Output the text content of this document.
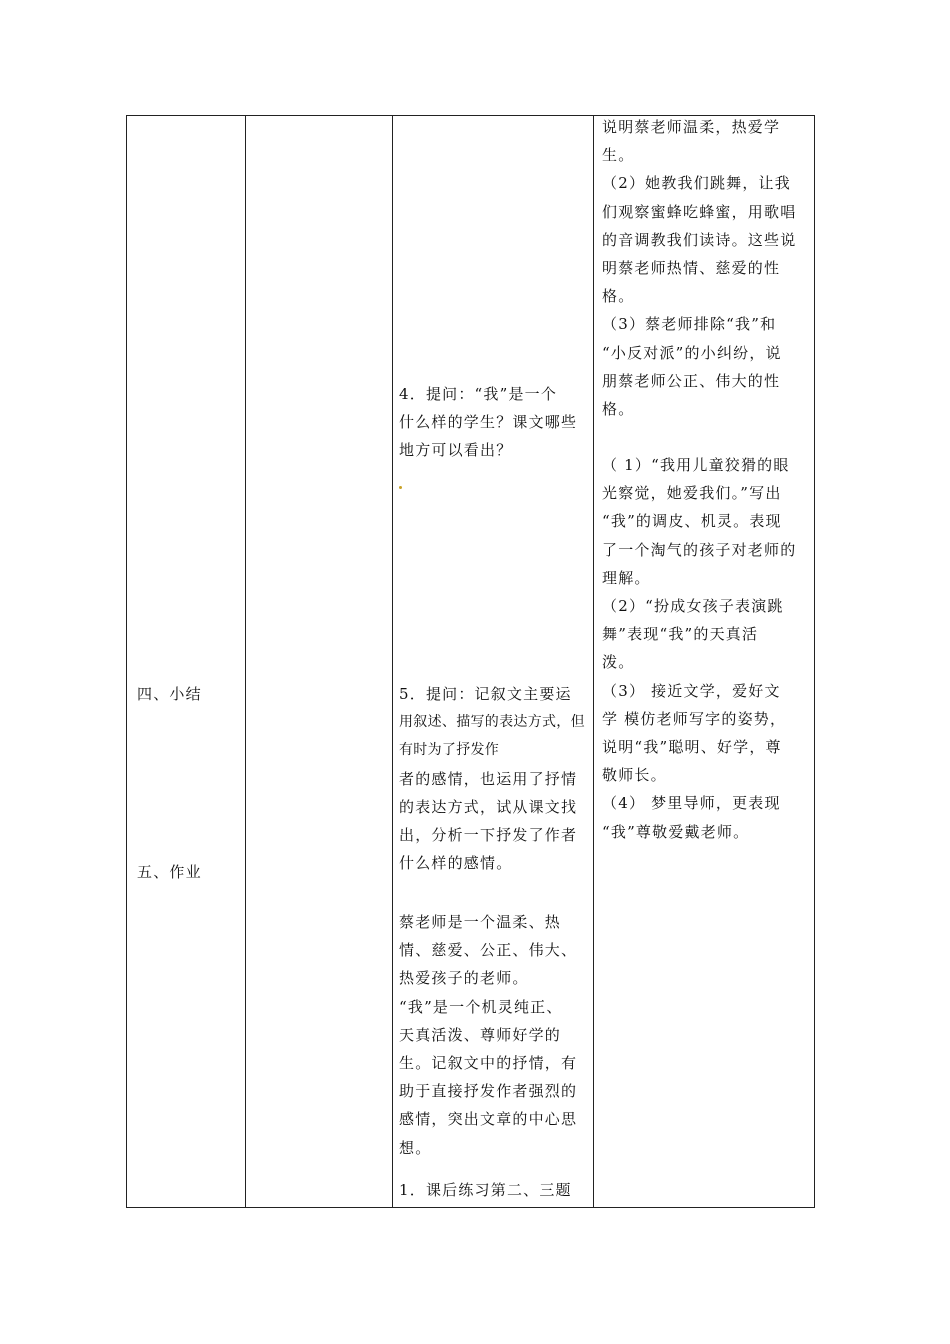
四、小结

五、作业

4．提问：“我”是一个

什么样的学生？课文哪些

地方可以看出？

5．提问：记叙文主要运

用叙述、描写的表达方式，但有时为了抒发作

者的感情，也运用了抒情

的表达方式，试从课文找

出，分析一下抒发了作者

什么样的感情。

蔡老师是一个温柔、热

情、慈爱、公正、伟大、

热爱孩子的老师。

“我”是一个机灵纯正、

天真活泼、尊师好学的

生。记叙文中的抒情，有

助于直接抒发作者强烈的

感情，突出文章的中心思

想。

1．课后练习第二、三题

说明蔡老师温柔，热爱学

生。

（2）她教我们跳舞，让我

们观察蜜蜂吃蜂蜜，用歌唱

的音调教我们读诗。这些说

明蔡老师热情、慈爱的性

格。

（3）蔡老师排除“我”和

“小反对派”的小纠纷，说

朋蔡老师公正、伟大的性

格。

（ 1）“我用儿童狡猾的眼

光察觉，她爱我们。”写出

“我”的调皮、机灵。表现

了一个淘气的孩子对老师的

理解。

（2）“扮成女孩子表演跳

舞”表现“我”的天真活

泼。

（3） 接近文学，爱好文

学 模仿老师写字的姿势，

说明“我”聪明、好学，尊

敬师长。

（4） 梦里导师，更表现

“我”尊敬爱戴老师。
